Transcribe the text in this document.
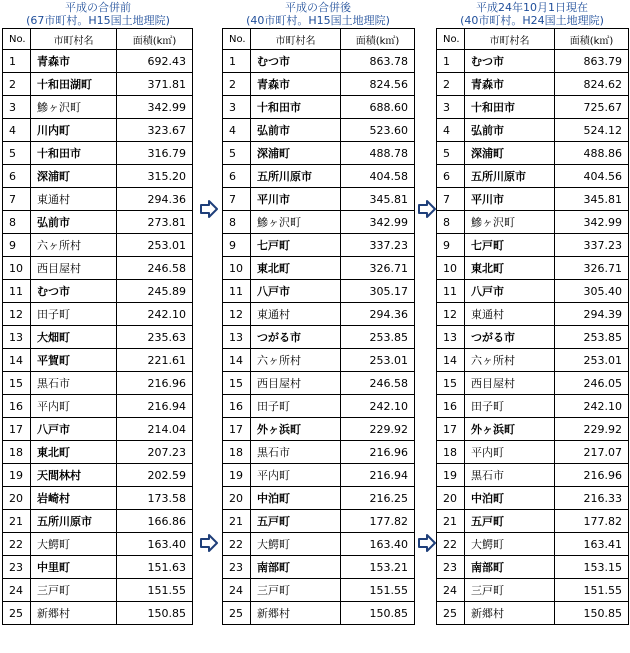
平成の合併前
(67市町村。H15国土地理院)
No.	市町村名	面積(k㎡)
1	青森市	692.43
2	十和田湖町	371.81
3	鰺ヶ沢町	342.99
4	川内町	323.67
5	十和田市	316.79
6	深浦町	315.20
7	東通村	294.36
8	弘前市	273.81
9	六ヶ所村	253.01
10	西目屋村	246.58
11	むつ市	245.89
12	田子町	242.10
13	大畑町	235.63
14	平賀町	221.61
15	黒石市	216.96
16	平内町	216.94
17	八戸市	214.04
18	東北町	207.23
19	天間林村	202.59
20	岩崎村	173.58
21	五所川原市	166.86
22	大鰐町	163.40
23	中里町	151.63
24	三戸町	151.55
25	新郷村	150.85
平成の合併後
(40市町村。H15国土地理院)
No.	市町村名	面積(k㎡)
1	むつ市	863.78
2	青森市	824.56
3	十和田市	688.60
4	弘前市	523.60
5	深浦町	488.78
6	五所川原市	404.58
7	平川市	345.81
8	鰺ヶ沢町	342.99
9	七戸町	337.23
10	東北町	326.71
11	八戸市	305.17
12	東通村	294.36
13	つがる市	253.85
14	六ヶ所村	253.01
15	西目屋村	246.58
16	田子町	242.10
17	外ヶ浜町	229.92
18	黒石市	216.96
19	平内町	216.94
20	中泊町	216.25
21	五戸町	177.82
22	大鰐町	163.40
23	南部町	153.21
24	三戸町	151.55
25	新郷村	150.85
平成24年10月1日現在
(40市町村。H24国土地理院)
No.	市町村名	面積(k㎡)
1	むつ市	863.79
2	青森市	824.62
3	十和田市	725.67
4	弘前市	524.12
5	深浦町	488.86
6	五所川原市	404.56
7	平川市	345.81
8	鰺ヶ沢町	342.99
9	七戸町	337.23
10	東北町	326.71
11	八戸市	305.40
12	東通村	294.39
13	つがる市	253.85
14	六ヶ所村	253.01
15	西目屋村	246.05
16	田子町	242.10
17	外ヶ浜町	229.92
18	平内町	217.07
19	黒石市	216.96
20	中泊町	216.33
21	五戸町	177.82
22	大鰐町	163.41
23	南部町	153.15
24	三戸町	151.55
25	新郷村	150.85
